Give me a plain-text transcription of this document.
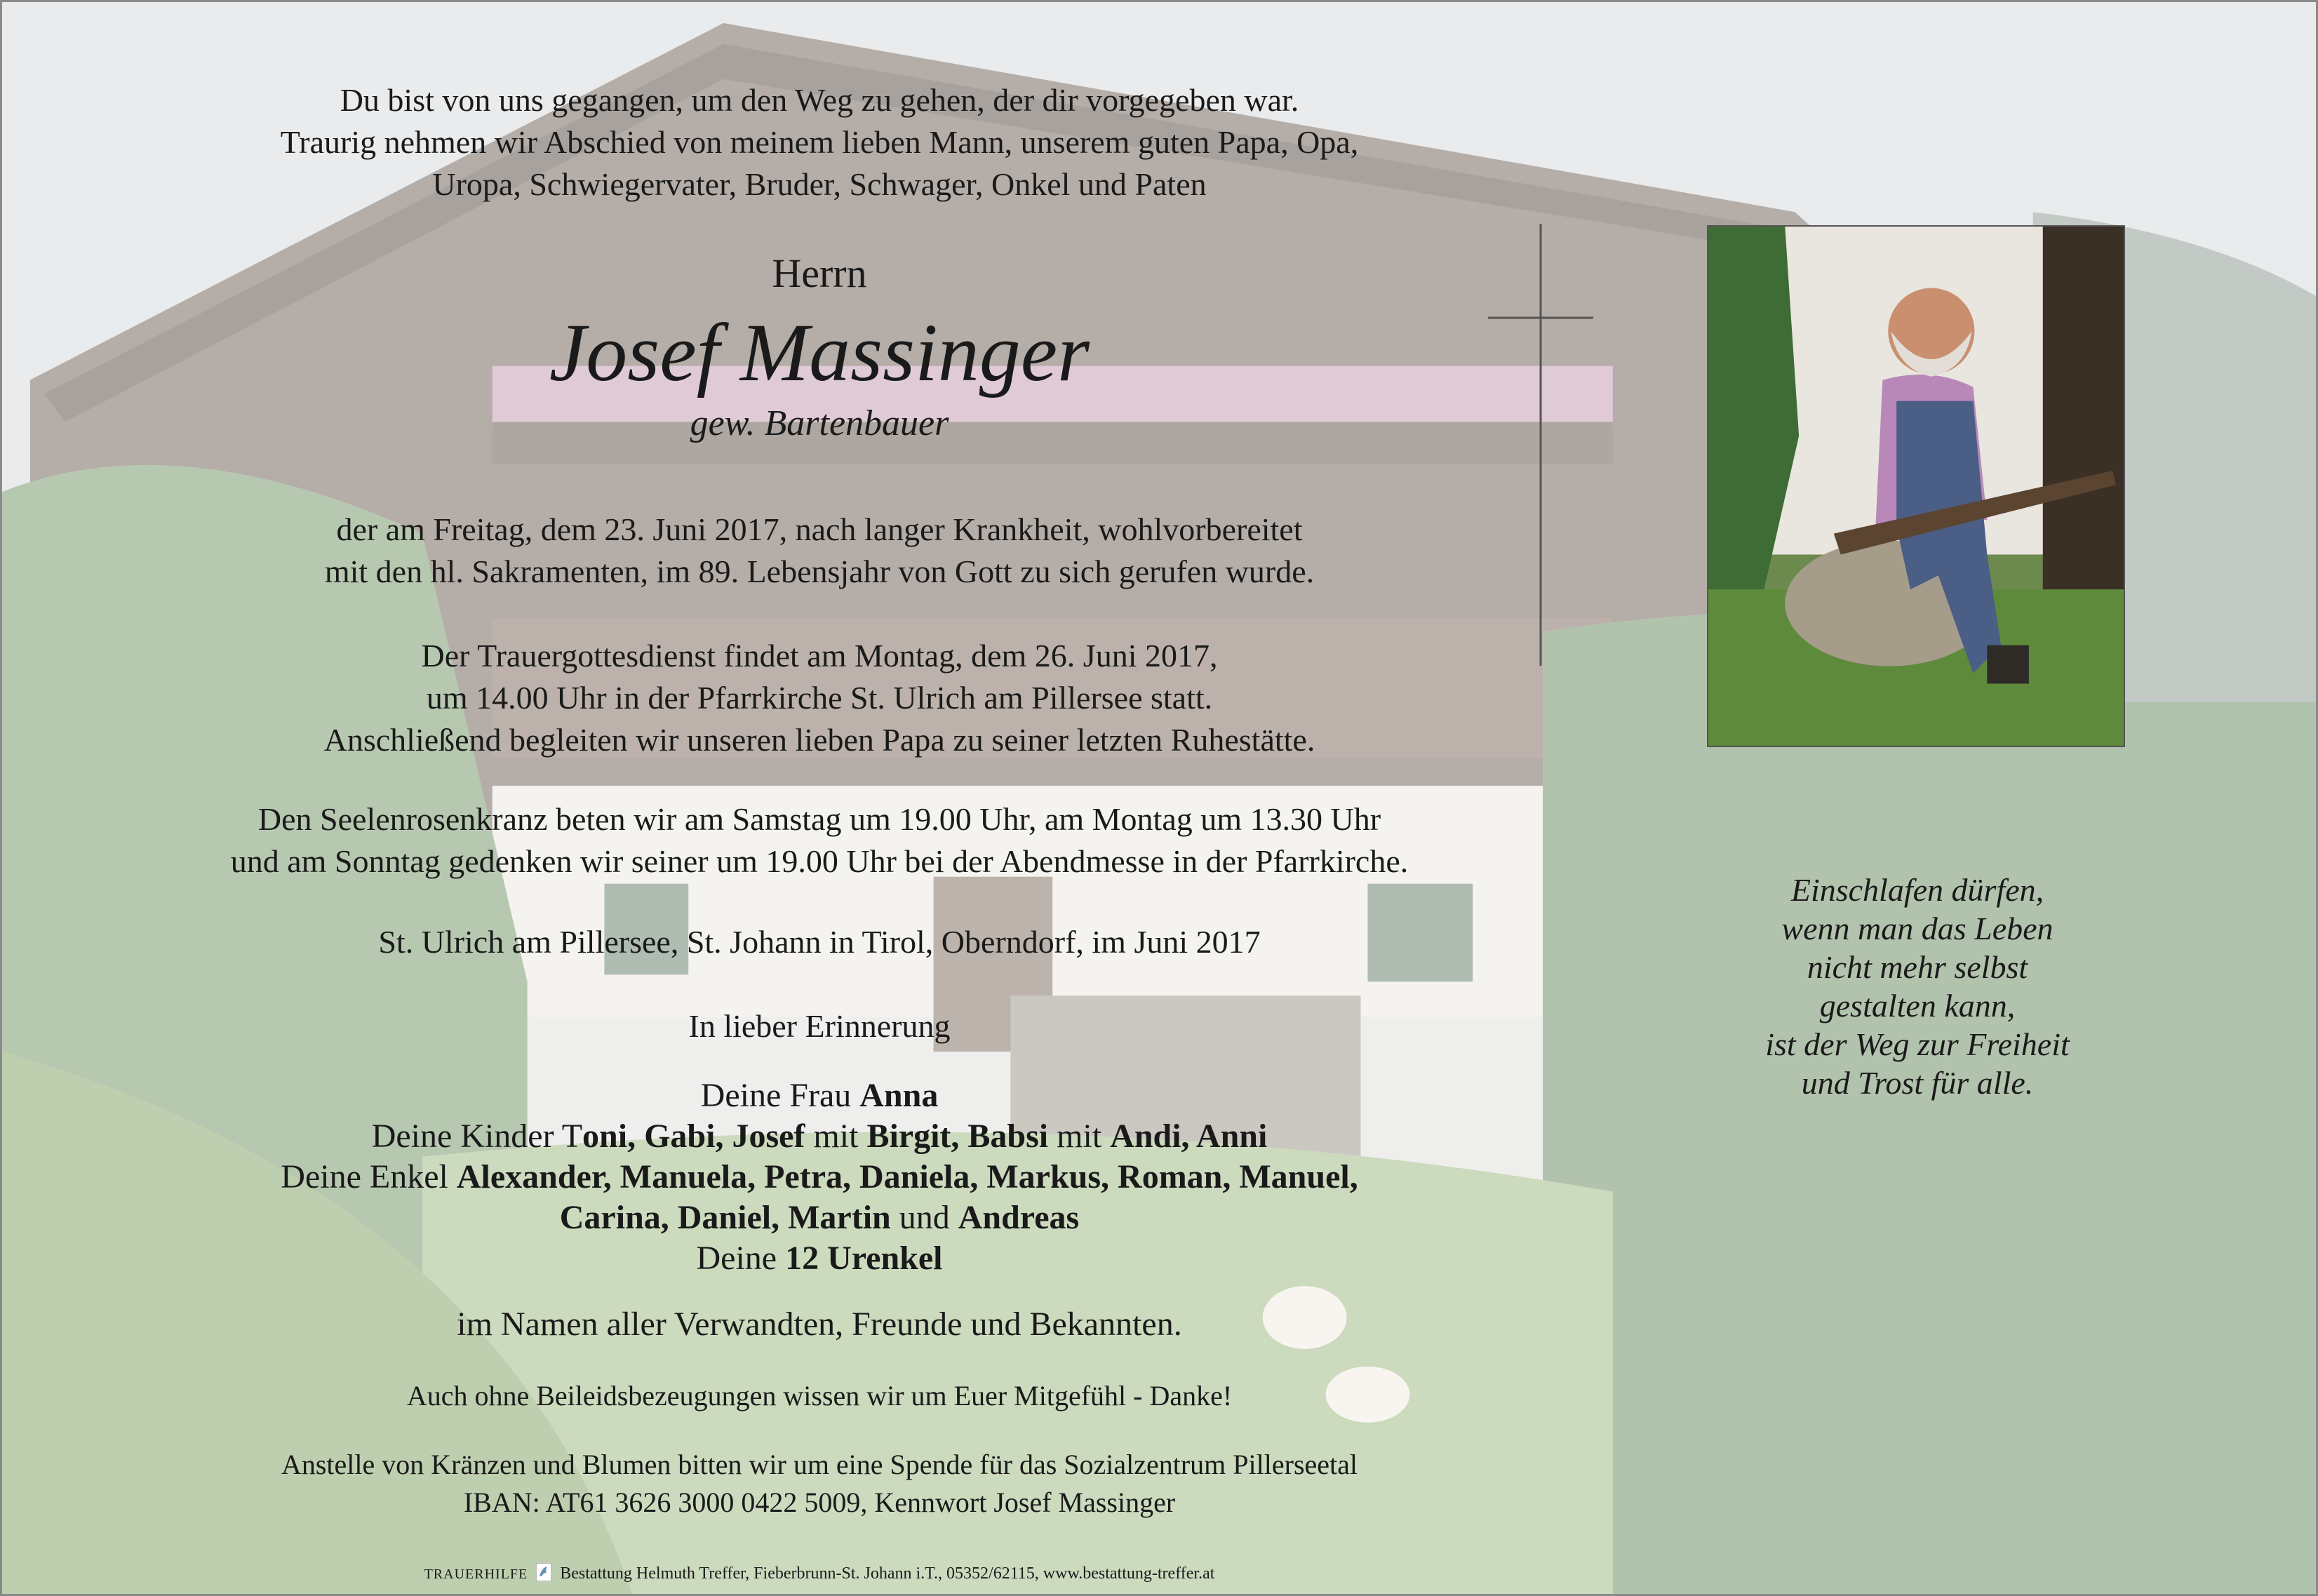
Du bist von uns gegangen, um den Weg zu gehen, der dir vorgegeben war.
Traurig nehmen wir Abschied von meinem lieben Mann, unserem guten Papa, Opa,
Uropa, Schwiegervater, Bruder, Schwager, Onkel und Paten
Herrn
Josef Massinger
gew. Bartenbauer
der am Freitag, dem 23. Juni 2017, nach langer Krankheit, wohlvorbereitet
mit den hl. Sakramenten, im 89. Lebensjahr von Gott zu sich gerufen wurde.
Der Trauergottesdienst findet am Montag, dem 26. Juni 2017,
um 14.00 Uhr in der Pfarrkirche St. Ulrich am Pillersee statt.
Anschließend begleiten wir unseren lieben Papa zu seiner letzten Ruhestätte.
Den Seelenrosenkranz beten wir am Samstag um 19.00 Uhr, am Montag um 13.30 Uhr
und am Sonntag gedenken wir seiner um 19.00 Uhr bei der Abendmesse in der Pfarrkirche.
St. Ulrich am Pillersee, St. Johann in Tirol, Oberndorf, im Juni 2017
In lieber Erinnerung
Deine Frau Anna
Deine Kinder Toni, Gabi, Josef mit Birgit, Babsi mit Andi, Anni
Deine Enkel Alexander, Manuela, Petra, Daniela, Markus, Roman, Manuel,
Carina, Daniel, Martin und Andreas
Deine 12 Urenkel
im Namen aller Verwandten, Freunde und Bekannten.
Auch ohne Beileidsbezeugungen wissen wir um Euer Mitgefühl - Danke!
Anstelle von Kränzen und Blumen bitten wir um eine Spende für das Sozialzentrum Pillerseetal
IBAN: AT61 3626 3000 0422 5009, Kennwort Josef Massinger
TRAUERHILFE Bestattung Helmuth Treffer, Fieberbrunn-St. Johann i.T., 05352/62115, www.bestattung-treffer.at
Einschlafen dürfen,
wenn man das Leben
nicht mehr selbst
gestalten kann,
ist der Weg zur Freiheit
und Trost für alle.
